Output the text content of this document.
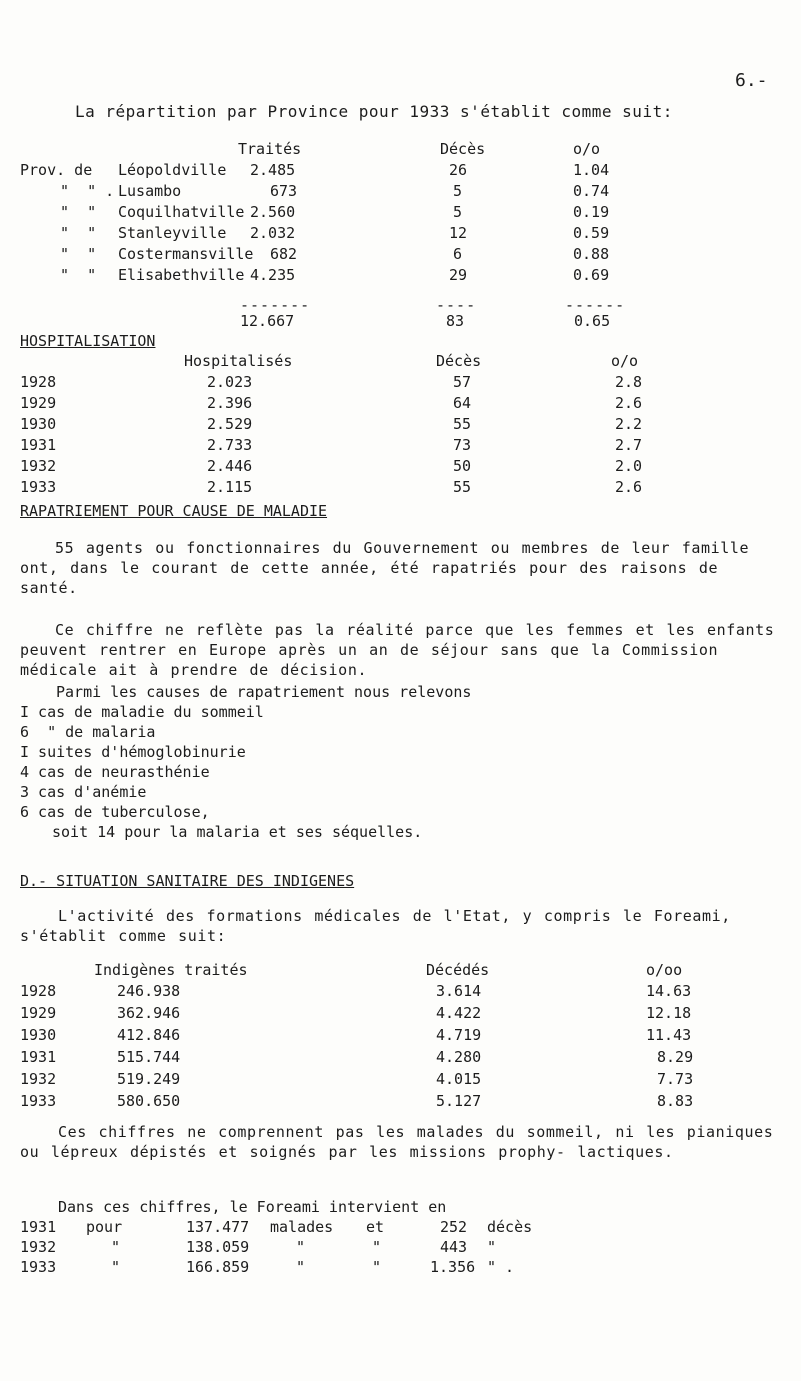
6.-
La répartition par Province pour 1933 s'établit comme suit:
Traités	Décès	o/o
Prov. de Léopoldville 2.485	26	1.04
"  " . Lusambo	673	5	0.74
"  " Coquilhatville 2.560	5	0.19
"  " Stanleyville 2.032	12	0.59
"  " Costermansville 682	6	0.88
"  " Elisabethville 4.235	29	0.69
-------	----	------
12.667	83	0.65
HOSPITALISATION
Hospitalisés	Décès	o/o
1928	2.023	57	2.8
1929	2.396	64	2.6
1930	2.529	55	2.2
1931	2.733	73	2.7
1932	2.446	50	2.0
1933	2.115	55	2.6
RAPATRIEMENT POUR CAUSE DE MALADIE

55 agents ou fonctionnaires du Gouvernement ou membres de leur famille ont, dans le courant de cette année, été rapatriés pour des raisons de santé.

Ce chiffre ne reflète pas la réalité parce que les femmes et les enfants peuvent rentrer en Europe après un an de séjour sans que la Commission médicale ait à prendre de décision.

Parmi les causes de rapatriement nous relevons
I cas de maladie du sommeil
6  " de malaria
I suites d'hémoglobinurie
4 cas de neurasthénie
3 cas d'anémie
6 cas de tuberculose,
soit 14 pour la malaria et ses séquelles.
D.- SITUATION SANITAIRE DES INDIGENES

L'activité des formations médicales de l'Etat, y compris le Foreami, s'établit comme suit:

Indigènes traités	Décédés	o/oo
1928	246.938	3.614	14.63
1929	362.946	4.422	12.18
1930	412.846	4.719	11.43
1931	515.744	4.280	8.29
1932	519.249	4.015	7.73
1933	580.650	5.127	8.83

Ces chiffres ne comprennent pas les malades du sommeil, ni les pianiques ou lépreux dépistés et soignés par les missions prophy- lactiques.

Dans ces chiffres, le Foreami intervient en
1931 pour	137.477 malades et	252 décès
1932	"	138.059	"	"	443 "
1933	"	166.859	"	"	1.356 " .
